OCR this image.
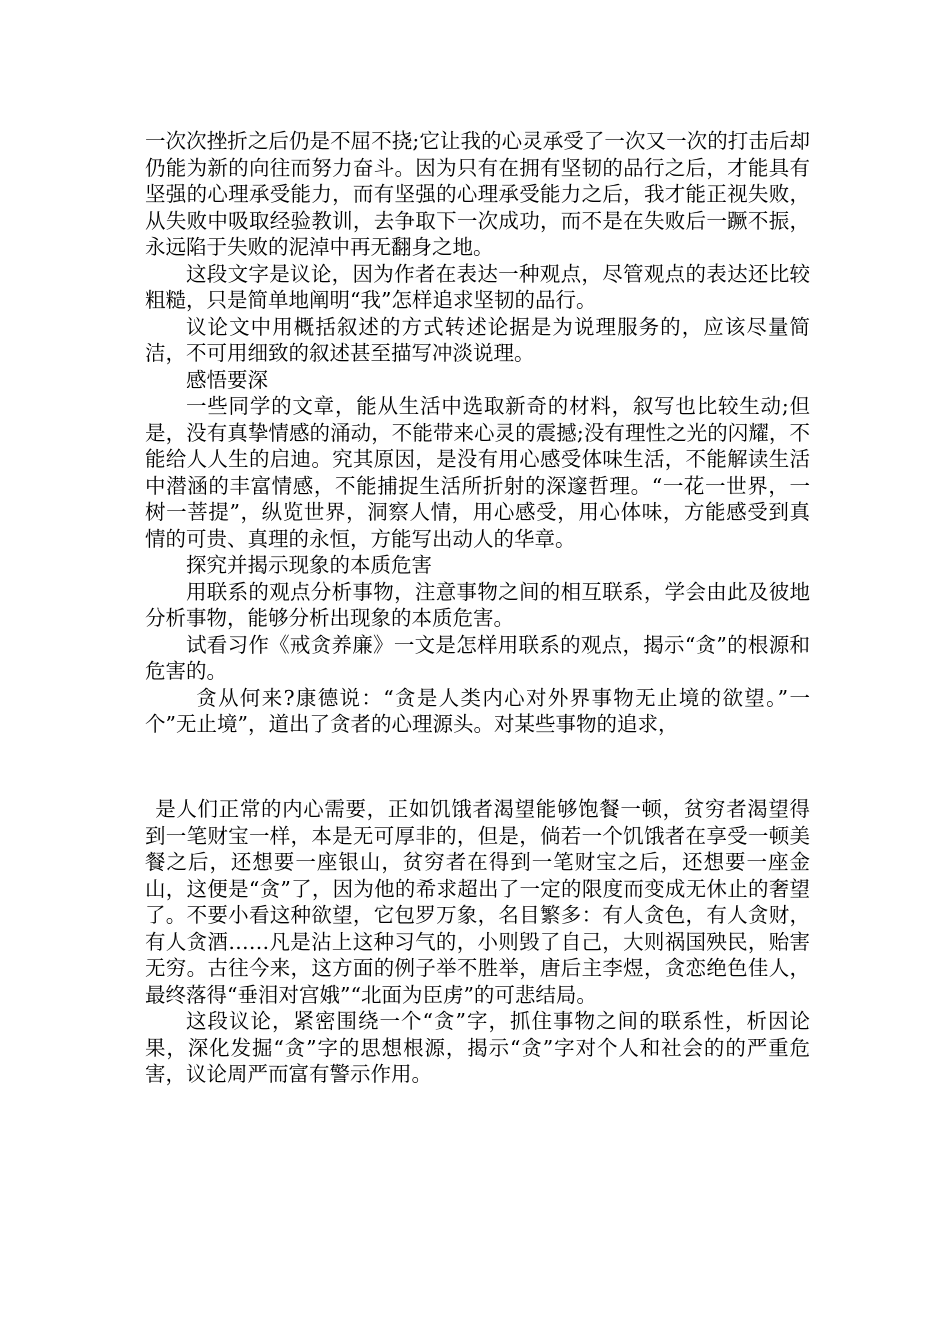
一次次挫折之后仍是不屈不挠;它让我的心灵承受了一次又一次的打击后却仍能为新的向往而努力奋斗。因为只有在拥有坚韧的品行之后，才能具有坚强的心理承受能力，而有坚强的心理承受能力之后，我才能正视失败，从失败中吸取经验教训，去争取下一次成功，而不是在失败后一蹶不振，永远陷于失败的泥淖中再无翻身之地。

这段文字是议论，因为作者在表达一种观点，尽管观点的表达还比较粗糙，只是简单地阐明“我”怎样追求坚韧的品行。

议论文中用概括叙述的方式转述论据是为说理服务的，应该尽量简洁，不可用细致的叙述甚至描写冲淡说理。

感悟要深

一些同学的文章，能从生活中选取新奇的材料，叙写也比较生动;但是，没有真挚情感的涌动，不能带来心灵的震撼;没有理性之光的闪耀，不能给人人生的启迪。究其原因，是没有用心感受体味生活，不能解读生活中潜涵的丰富情感，不能捕捉生活所折射的深邃哲理。“一花一世界，一树一菩提”，纵览世界，洞察人情，用心感受，用心体味，方能感受到真情的可贵、真理的永恒，方能写出动人的华章。

探究并揭示现象的本质危害

用联系的观点分析事物，注意事物之间的相互联系，学会由此及彼地分析事物，能够分析出现象的本质危害。

试看习作《戒贪养廉》一文是怎样用联系的观点，揭示“贪”的根源和危害的。

贪从何来?康德说：“贪是人类内心对外界事物无止境的欲望。”一个”无止境”，道出了贪者的心理源头。对某些事物的追求，

是人们正常的内心需要，正如饥饿者渴望能够饱餐一顿，贫穷者渴望得到一笔财宝一样，本是无可厚非的，但是，倘若一个饥饿者在享受一顿美餐之后，还想要一座银山，贫穷者在得到一笔财宝之后，还想要一座金山，这便是“贪”了，因为他的希求超出了一定的限度而变成无休止的奢望了。不要小看这种欲望，它包罗万象，名目繁多：有人贪色，有人贪财，有人贪酒……凡是沾上这种习气的，小则毁了自己，大则祸国殃民，贻害无穷。古往今来，这方面的例子举不胜举，唐后主李煜，贪恋绝色佳人，最终落得“垂泪对宫娥”“北面为臣虏”的可悲结局。

这段议论，紧密围绕一个“贪”字，抓住事物之间的联系性，析因论果，深化发掘“贪”字的思想根源，揭示“贪”字对个人和社会的的严重危害，议论周严而富有警示作用。
